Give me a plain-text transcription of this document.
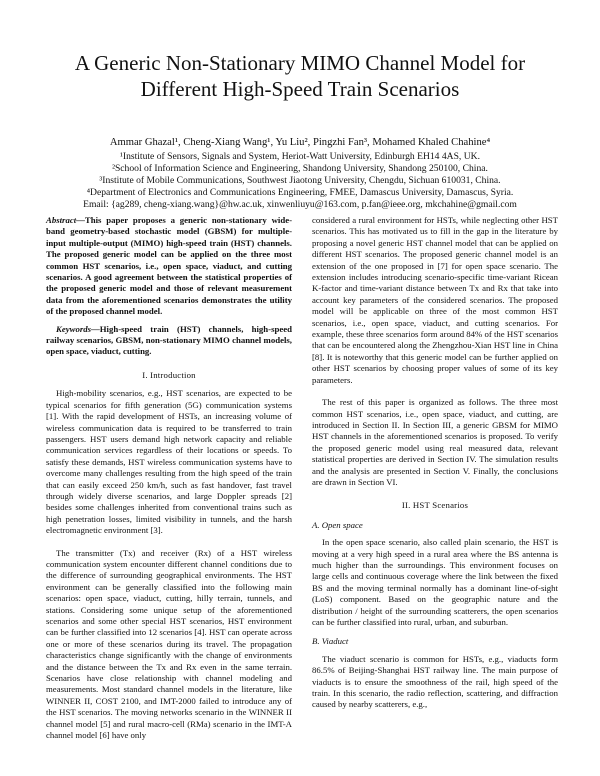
A Generic Non-Stationary MIMO Channel Model for Different High-Speed Train Scenarios
Ammar Ghazal¹, Cheng-Xiang Wang¹, Yu Liu², Pingzhi Fan³, Mohamed Khaled Chahine⁴
¹Institute of Sensors, Signals and System, Heriot-Watt University, Edinburgh EH14 4AS, UK.
²School of Information Science and Engineering, Shandong University, Shandong 250100, China.
³Institute of Mobile Communications, Southwest Jiaotong University, Chengdu, Sichuan 610031, China.
⁴Department of Electronics and Communications Engineering, FMEE, Damascus University, Damascus, Syria.
Email: {ag289, cheng-xiang.wang}@hw.ac.uk, xinwenliuyu@163.com, p.fan@ieee.org, mkchahine@gmail.com

Abstract—This paper proposes a generic non-stationary wide-band geometry-based stochastic model (GBSM) for multiple-input multiple-output (MIMO) high-speed train (HST) channels. The proposed generic model can be applied on the three most common HST scenarios, i.e., open space, viaduct, and cutting scenarios. A good agreement between the statistical properties of the proposed generic model and those of relevant measurement data from the aforementioned scenarios demonstrates the utility of the proposed channel model.

Keywords—High-speed train (HST) channels, high-speed railway scenarios, GBSM, non-stationary MIMO channel models, open space, viaduct, cutting.

I. Introduction

High-mobility scenarios, e.g., HST scenarios, are expected to be typical scenarios for fifth generation (5G) communication systems [1]. With the rapid development of HSTs, an increasing volume of wireless communication data is required to be transferred to train passengers. HST users demand high network capacity and reliable communication services regardless of their locations or speeds. To satisfy these demands, HST wireless communication systems have to overcome many challenges resulting from the high speed of the train that can easily exceed 250 km/h, such as fast handover, fast travel through widely diverse scenarios, and large Doppler spreads [2] besides some challenges inherited from conventional trains such as high penetration losses, limited visibility in tunnels, and the harsh electromagnetic environment [3].

The transmitter (Tx) and receiver (Rx) of a HST wireless communication system encounter different channel conditions due to the difference of surrounding geographical environments. The HST environment can be generally classified into the following main scenarios: open space, viaduct, cutting, hilly terrain, tunnels, and stations. Considering some unique setup of the aforementioned scenarios and some other special HST scenarios, HST environment can be further classified into 12 scenarios [4]. HST can operate across one or more of these scenarios during its travel. The propagation characteristics change significantly with the change of environments and the distance between the Tx and Rx even in the same terrain. Scenarios have close relationship with channel modeling and measurements. Most standard channel models in the literature, like WINNER II, COST 2100, and IMT-2000 failed to introduce any of the HST scenarios. The moving networks scenario in the WINNER II channel model [5] and rural macro-cell (RMa) scenario in the IMT-A channel model [6] have only

considered a rural environment for HSTs, while neglecting other HST scenarios. This has motivated us to fill in the gap in the literature by proposing a novel generic HST channel model that can be applied on different HST scenarios. The proposed generic channel model is an extension of the one proposed in [7] for open space scenario. The extension includes introducing scenario-specific time-variant Ricean K-factor and time-variant distance between Tx and Rx that take into account key parameters of the considered scenarios. The proposed model will be applicable on three of the most common HST scenarios, i.e., open space, viaduct, and cutting scenarios. For example, these three scenarios form around 84% of the HST scenarios that can be encountered along the Zhengzhou-Xian HST line in China [8]. It is noteworthy that this generic model can be further applied on other HST scenarios by choosing proper values of some of its key parameters.

The rest of this paper is organized as follows. The three most common HST scenarios, i.e., open space, viaduct, and cutting, are introduced in Section II. In Section III, a generic GBSM for MIMO HST channels in the aforementioned scenarios is proposed. To verify the proposed generic model using real measured data, relevant statistical properties are derived in Section IV. The simulation results and the analysis are presented in Section V. Finally, the conclusions are drawn in Section VI.

II. HST Scenarios
A. Open space

In the open space scenario, also called plain scenario, the HST is moving at a very high speed in a rural area where the BS antenna is much higher than the surroundings. This environment focuses on large cells and continuous coverage where the link between the fixed BS and the moving terminal normally has a dominant line-of-sight (LoS) component. Based on the geographic nature and the distribution / height of the surrounding scatterers, the open scenarios can be further classified into rural, urban, and suburban.

B. Viaduct

The viaduct scenario is common for HSTs, e.g., viaducts form 86.5% of Beijing-Shanghai HST railway line. The main purpose of viaducts is to ensure the smoothness of the rail, high speed of the train. In this scenario, the radio reflection, scattering, and diffraction caused by nearby scatterers, e.g.,
